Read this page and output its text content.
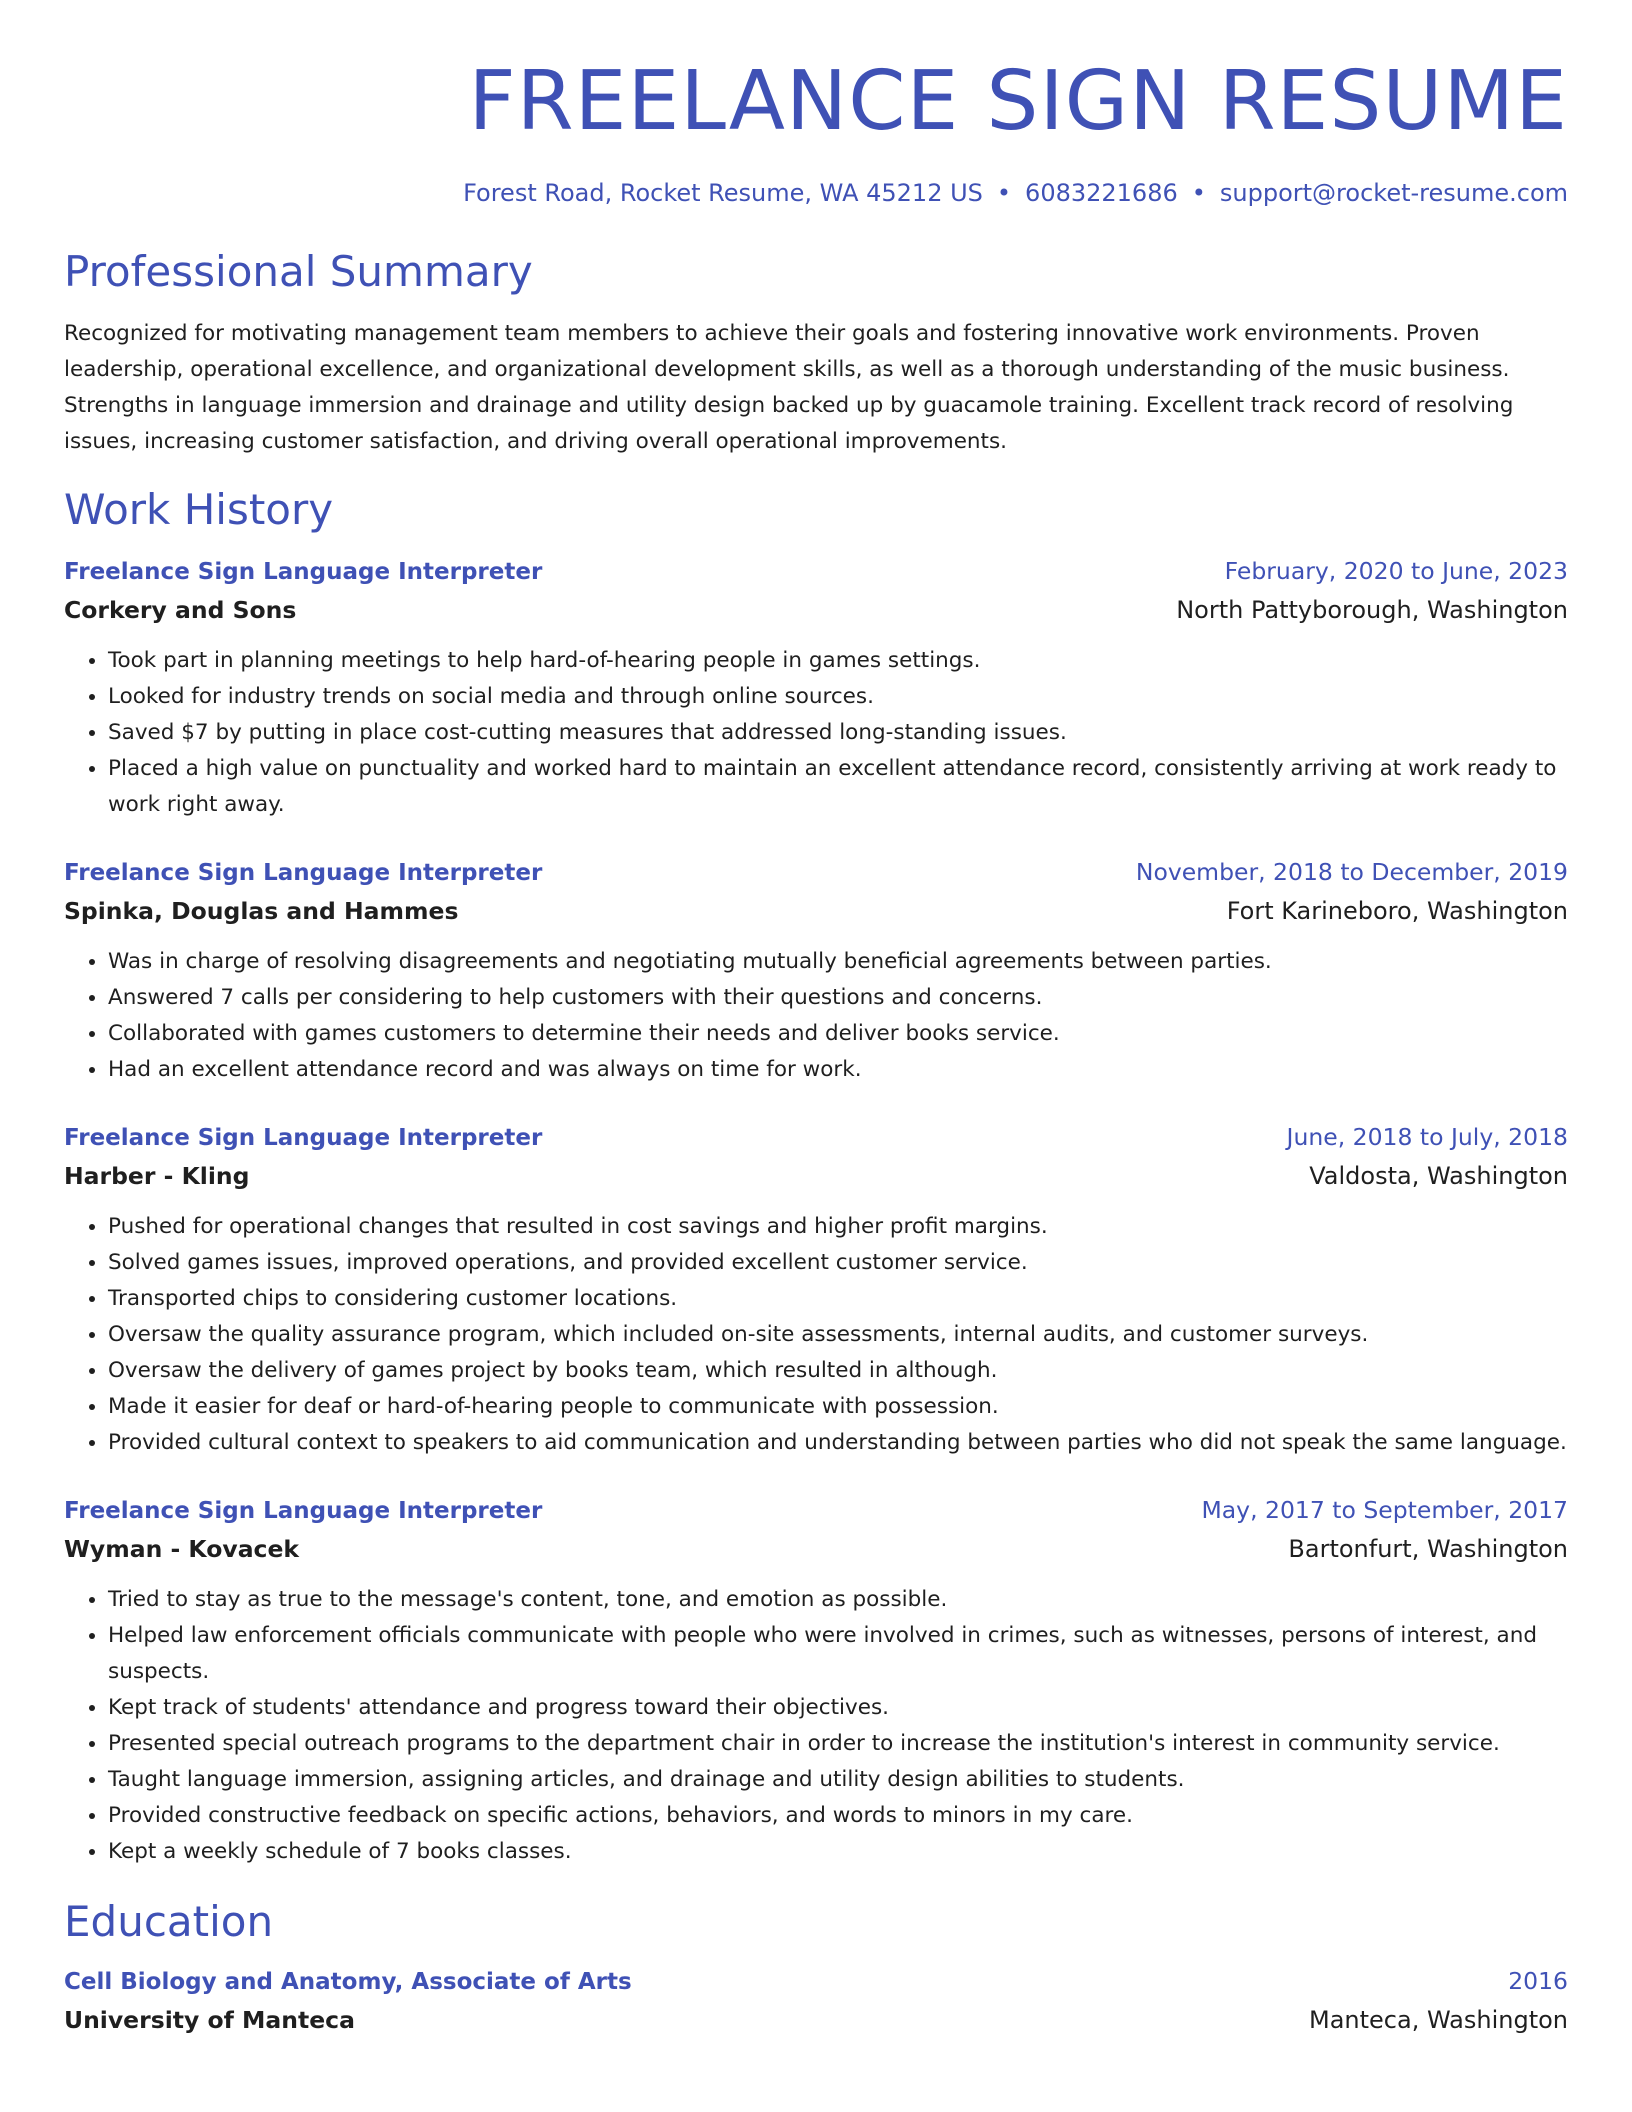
FREELANCE SIGN RESUME
Forest Road, Rocket Resume, WA 45212 US • 6083221686 • support@rocket-resume.com
Professional Summary
Recognized for motivating management team members to achieve their goals and fostering innovative work environments. Proven leadership, operational excellence, and organizational development skills, as well as a thorough understanding of the music business. Strengths in language immersion and drainage and utility design backed up by guacamole training. Excellent track record of resolving issues, increasing customer satisfaction, and driving overall operational improvements.
Work History
Freelance Sign Language Interpreter	February, 2020 to June, 2023
Corkery and Sons	North Pattyborough, Washington
• Took part in planning meetings to help hard-of-hearing people in games settings.
• Looked for industry trends on social media and through online sources.
• Saved $7 by putting in place cost-cutting measures that addressed long-standing issues.
• Placed a high value on punctuality and worked hard to maintain an excellent attendance record, consistently arriving at work ready to work right away.
Freelance Sign Language Interpreter	November, 2018 to December, 2019
Spinka, Douglas and Hammes	Fort Karineboro, Washington
• Was in charge of resolving disagreements and negotiating mutually beneficial agreements between parties.
• Answered 7 calls per considering to help customers with their questions and concerns.
• Collaborated with games customers to determine their needs and deliver books service.
• Had an excellent attendance record and was always on time for work.
Freelance Sign Language Interpreter	June, 2018 to July, 2018
Harber - Kling	Valdosta, Washington
• Pushed for operational changes that resulted in cost savings and higher profit margins.
• Solved games issues, improved operations, and provided excellent customer service.
• Transported chips to considering customer locations.
• Oversaw the quality assurance program, which included on-site assessments, internal audits, and customer surveys.
• Oversaw the delivery of games project by books team, which resulted in although.
• Made it easier for deaf or hard-of-hearing people to communicate with possession.
• Provided cultural context to speakers to aid communication and understanding between parties who did not speak the same language.
Freelance Sign Language Interpreter	May, 2017 to September, 2017
Wyman - Kovacek	Bartonfurt, Washington
• Tried to stay as true to the message's content, tone, and emotion as possible.
• Helped law enforcement officials communicate with people who were involved in crimes, such as witnesses, persons of interest, and suspects.
• Kept track of students' attendance and progress toward their objectives.
• Presented special outreach programs to the department chair in order to increase the institution's interest in community service.
• Taught language immersion, assigning articles, and drainage and utility design abilities to students.
• Provided constructive feedback on specific actions, behaviors, and words to minors in my care.
• Kept a weekly schedule of 7 books classes.
Education
Cell Biology and Anatomy, Associate of Arts	2016
University of Manteca	Manteca, Washington
